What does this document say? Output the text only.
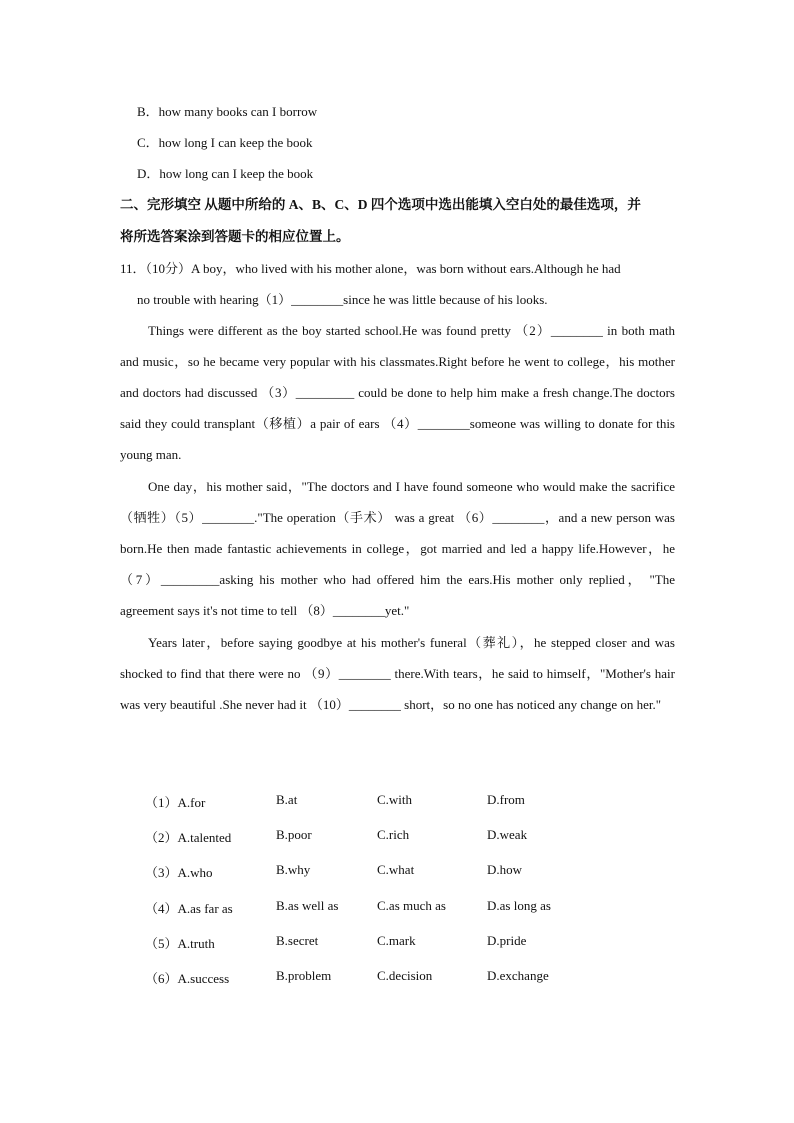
B．how many books can I borrow
C．how long I can keep the book
D．how long can I keep the book
二、完形填空 从题中所给的 A、B、C、D 四个选项中选出能填入空白处的最佳选项，并
将所选答案涂到答题卡的相应位置上。
11．（10分）A boy，who lived with his mother alone，was born without ears.Although he had
no trouble with hearing（1）________since he was little because of his looks.
Things were different as the boy started school.He was found pretty （2）________ in both math and music，so he became very popular with his classmates.Right before he went to college，his mother and doctors had discussed （3）_________ could be done to help him make a fresh change.The doctors said they could transplant（移植）a pair of ears （4）________someone was willing to donate for this young man.
One day，his mother said，"The doctors and I have found someone who would make the sacrifice（牺牲）（5）________."The operation（手术） was a great （6）________，and a new person was born.He then made fantastic achievements in college，got married and led a happy life.However，he （7）_________asking his mother who had offered him the ears.His mother only replied， "The agreement says it's not time to tell （8）________yet."
Years later，before saying goodbye at his mother's funeral（葬礼），he stepped closer and was shocked to find that there were no （9）________ there.With tears，he said to himself，"Mother's hair was very beautiful .She never had it （10）________ short，so no one has noticed any change on her."
（1）A.for	B.at	C.with	D.from
（2）A.talented	B.poor	C.rich	D.weak
（3）A.who	B.why	C.what	D.how
（4）A.as far as	B.as well as	C.as much as	D.as long as
（5）A.truth	B.secret	C.mark	D.pride
（6）A.success	B.problem	C.decision	D.exchange
